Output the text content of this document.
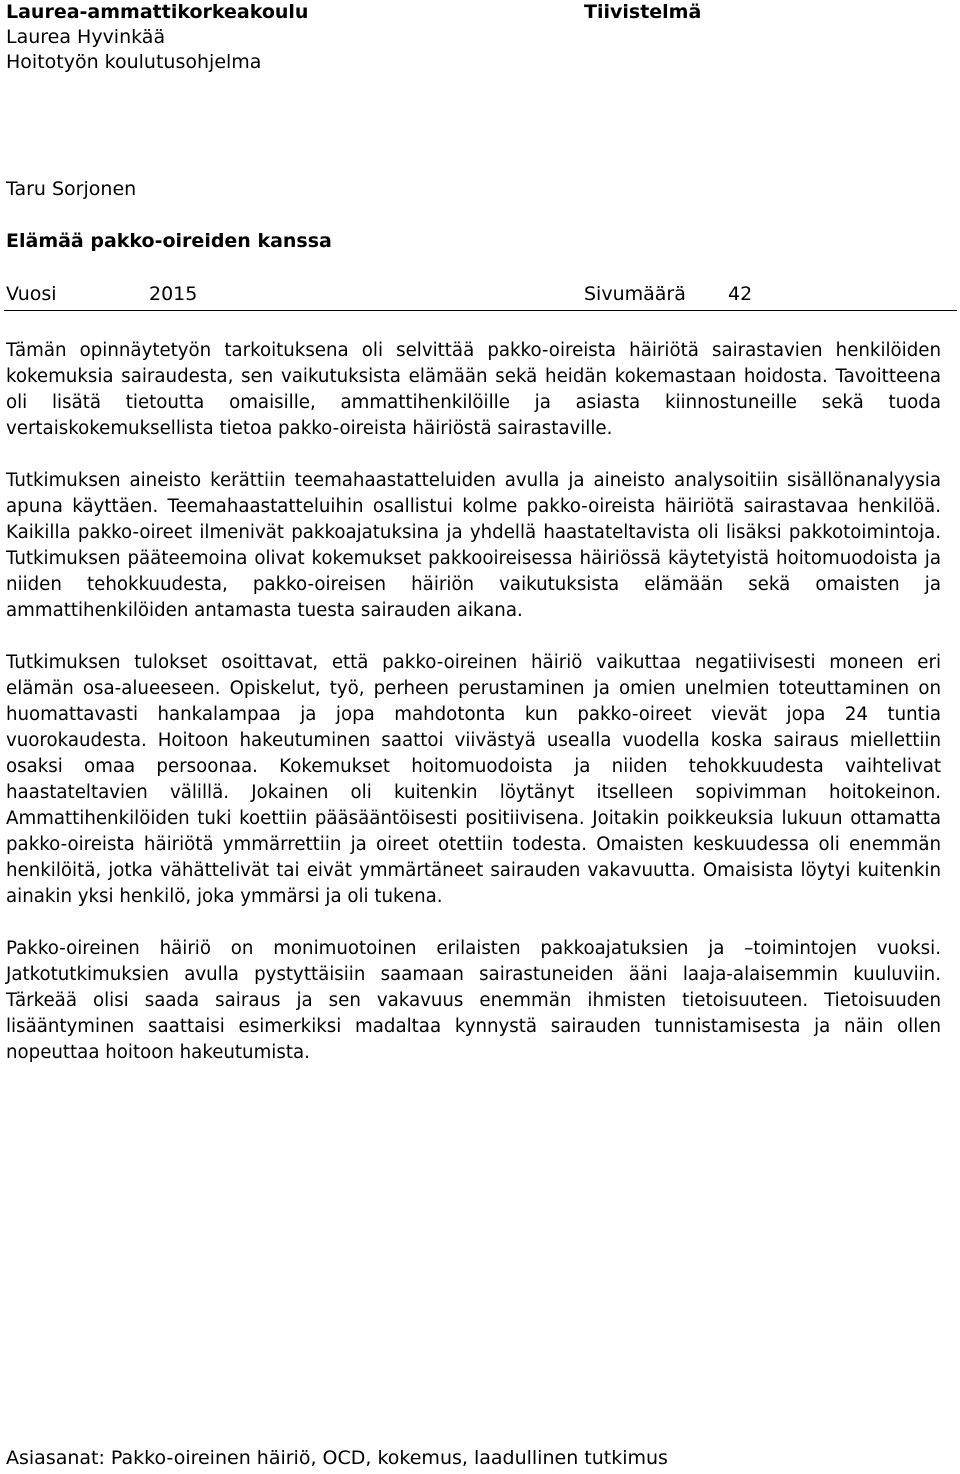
Laurea-ammattikorkeakoulu
Laurea Hyvinkää
Hoitotyön koulutusohjelma
Tiivistelmä
Taru Sorjonen
Elämää pakko-oireiden kanssa
Vuosi	2015	Sivumäärä 42

Tämän opinnäytetyön tarkoituksena oli selvittää pakko-oireista häiriötä sairastavien henkilöiden kokemuksia sairaudesta, sen vaikutuksista elämään sekä heidän kokemastaan hoidosta. Tavoitteena oli lisätä tietoutta omaisille, ammattihenkilöille ja asiasta kiinnostuneille sekä tuoda vertaiskokemuksellista tietoa pakko-oireista häiriöstä sairastaville.

Tutkimuksen aineisto kerättiin teemahaastatteluiden avulla ja aineisto analysoitiin sisällönanalyysia apuna käyttäen. Teemahaastatteluihin osallistui kolme pakko-oireista häiriötä sairastavaa henkilöä. Kaikilla pakko-oireet ilmenivät pakkoajatuksina ja yhdellä haastateltavista oli lisäksi pakkotoimintoja. Tutkimuksen pääteemoina olivat kokemukset pakkooireisessa häiriössä käytetyistä hoitomuodoista ja niiden tehokkuudesta, pakko-oireisen häiriön vaikutuksista elämään sekä omaisten ja ammattihenkilöiden antamasta tuesta sairauden aikana.

Tutkimuksen tulokset osoittavat, että pakko-oireinen häiriö vaikuttaa negatiivisesti moneen eri elämän osa-alueeseen. Opiskelut, työ, perheen perustaminen ja omien unelmien toteuttaminen on huomattavasti hankalampaa ja jopa mahdotonta kun pakko-oireet vievät jopa 24 tuntia vuorokaudesta. Hoitoon hakeutuminen saattoi viivästyä usealla vuodella koska sairaus miellettiin osaksi omaa persoonaa. Kokemukset hoitomuodoista ja niiden tehokkuudesta vaihtelivat haastateltavien välillä. Jokainen oli kuitenkin löytänyt itselleen sopivimman hoitokeinon. Ammattihenkilöiden tuki koettiin pääsääntöisesti positiivisena. Joitakin poikkeuksia lukuun ottamatta pakko-oireista häiriötä ymmärrettiin ja oireet otettiin todesta. Omaisten keskuudessa oli enemmän henkilöitä, jotka vähättelivät tai eivät ymmärtäneet sairauden vakavuutta. Omaisista löytyi kuitenkin ainakin yksi henkilö, joka ymmärsi ja oli tukena.

Pakko-oireinen häiriö on monimuotoinen erilaisten pakkoajatuksien ja –toimintojen vuoksi. Jatkotutkimuksien avulla pystyttäisiin saamaan sairastuneiden ääni laaja-alaisemmin kuuluviin. Tärkeää olisi saada sairaus ja sen vakavuus enemmän ihmisten tietoisuuteen. Tietoisuuden lisääntyminen saattaisi esimerkiksi madaltaa kynnystä sairauden tunnistamisesta ja näin ollen nopeuttaa hoitoon hakeutumista.

Asiasanat: Pakko-oireinen häiriö, OCD, kokemus, laadullinen tutkimus
